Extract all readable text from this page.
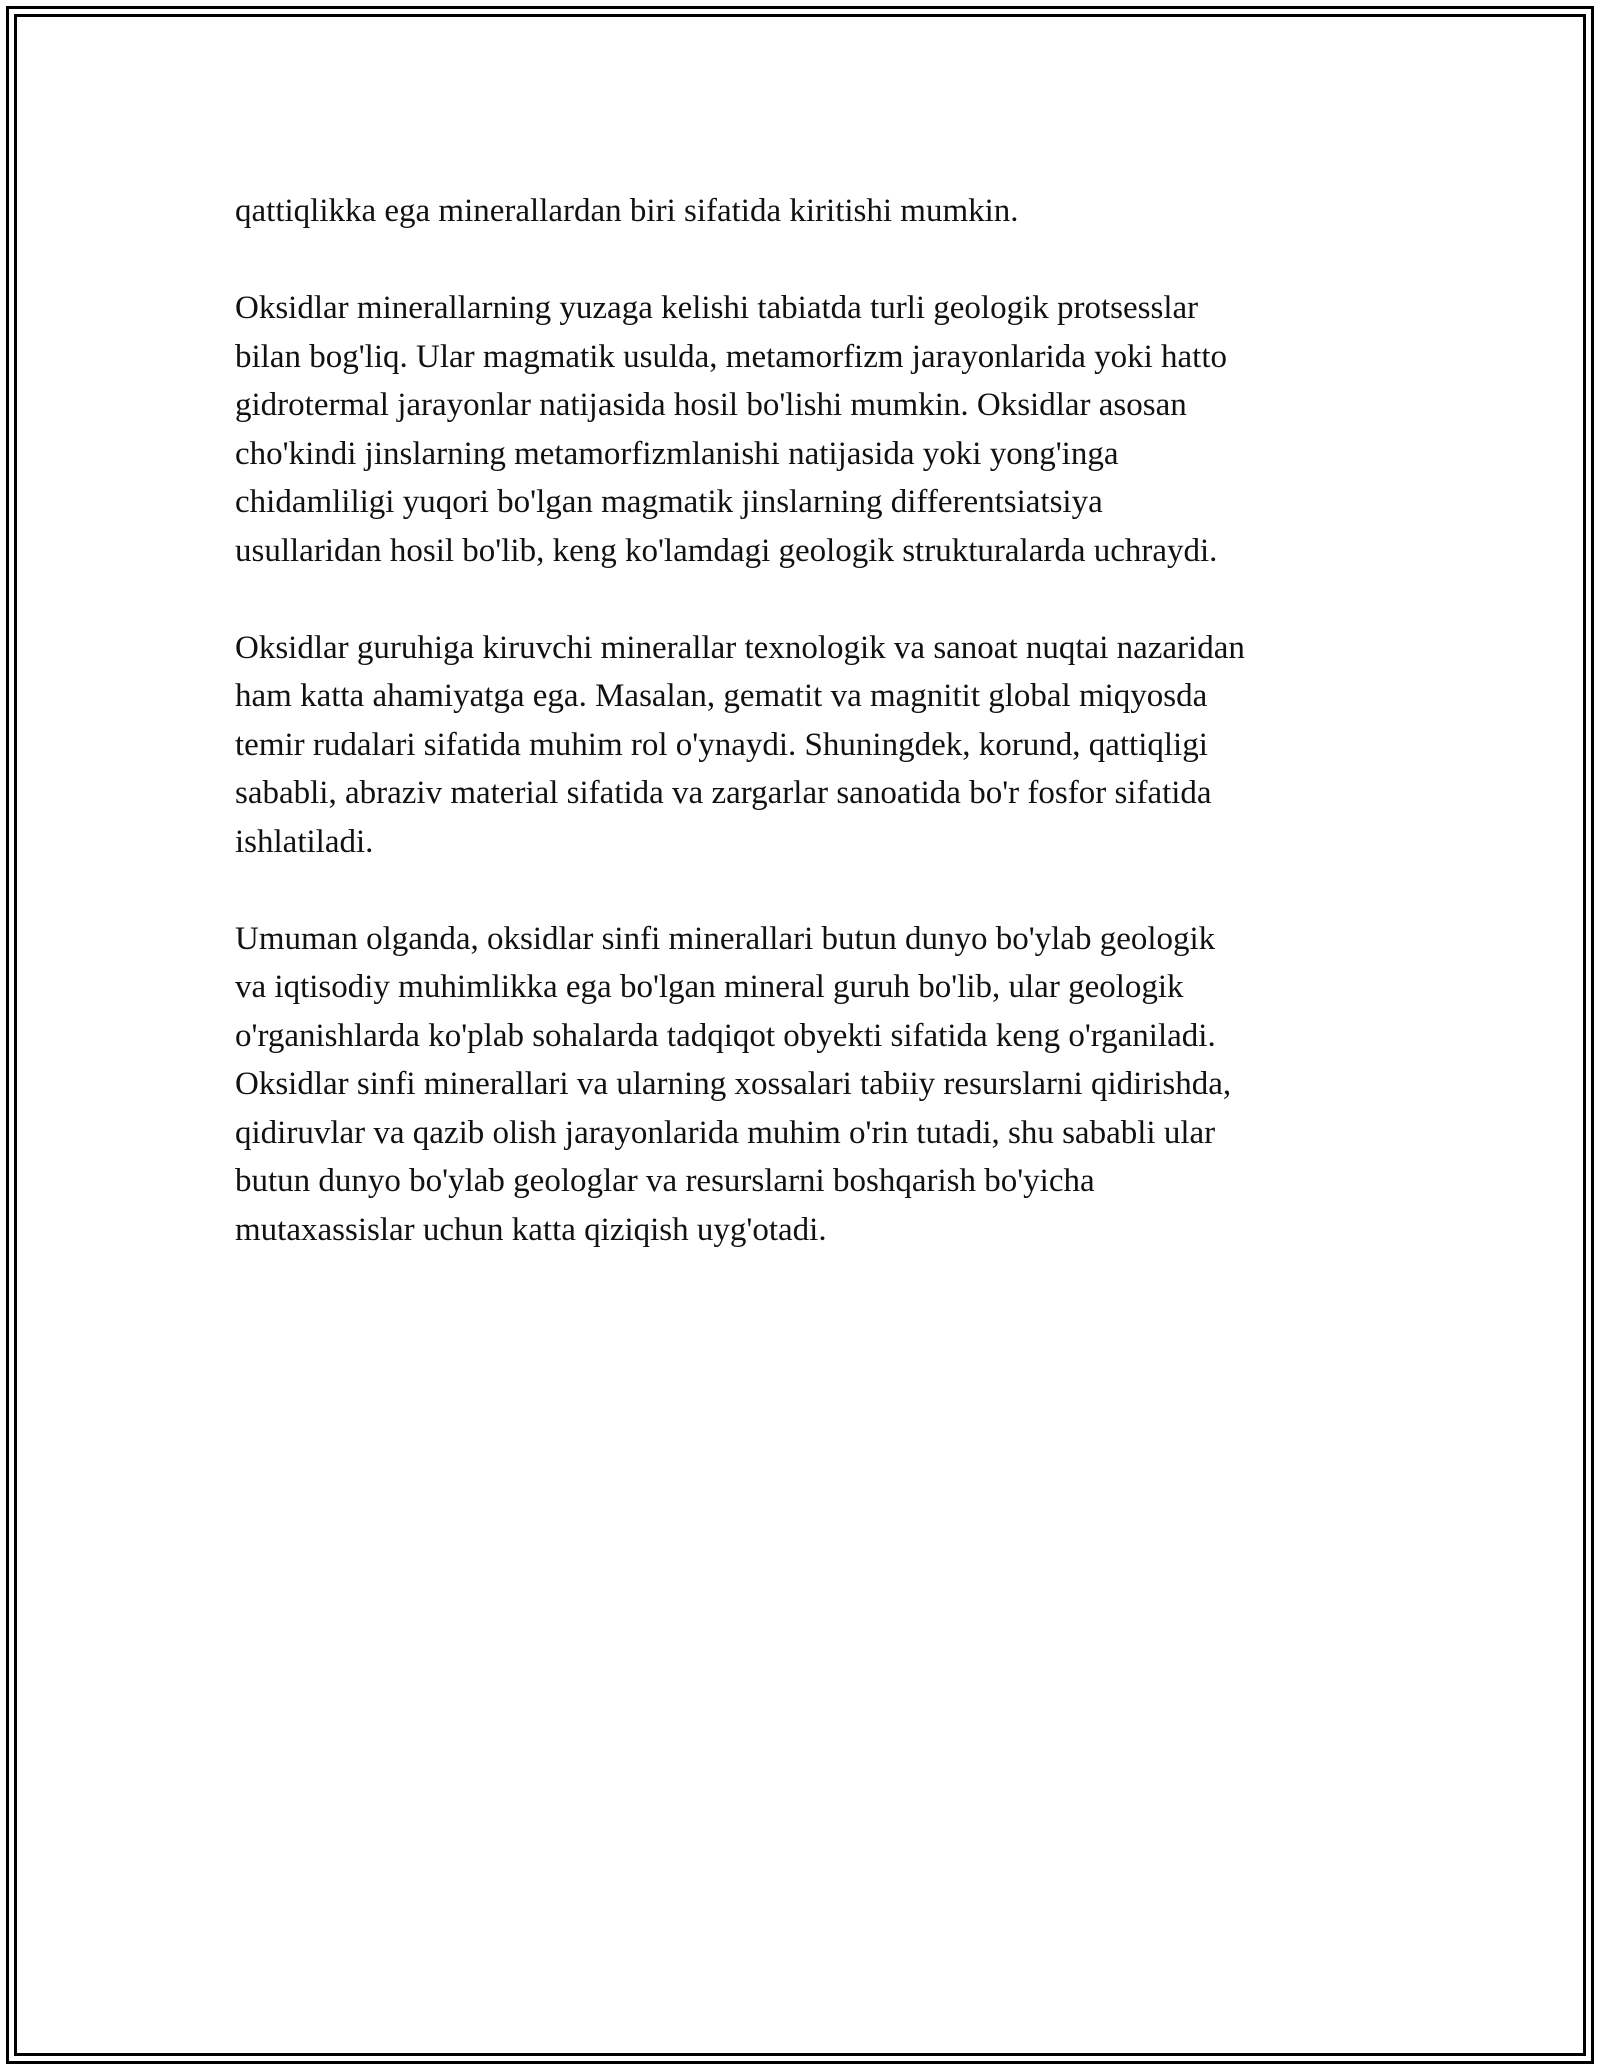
qattiqlikka ega minerallardan biri sifatida kiritishi mumkin.

Oksidlar minerallarning yuzaga kelishi tabiatda turli geologik protsesslar
bilan bog'liq. Ular magmatik usulda, metamorfizm jarayonlarida yoki hatto
gidrotermal jarayonlar natijasida hosil bo'lishi mumkin. Oksidlar asosan
cho'kindi jinslarning metamorfizmlanishi natijasida yoki yong'inga
chidamliligi yuqori bo'lgan magmatik jinslarning differentsiatsiya
usullaridan hosil bo'lib, keng ko'lamdagi geologik strukturalarda uchraydi.

Oksidlar guruhiga kiruvchi minerallar texnologik va sanoat nuqtai nazaridan
ham katta ahamiyatga ega. Masalan, gematit va magnitit global miqyosda
temir rudalari sifatida muhim rol o'ynaydi. Shuningdek, korund, qattiqligi
sababli, abraziv material sifatida va zargarlar sanoatida bo'r fosfor sifatida
ishlatiladi.

Umuman olganda, oksidlar sinfi minerallari butun dunyo bo'ylab geologik
va iqtisodiy muhimlikka ega bo'lgan mineral guruh bo'lib, ular geologik
o'rganishlarda ko'plab sohalarda tadqiqot obyekti sifatida keng o'rganiladi.
Oksidlar sinfi minerallari va ularning xossalari tabiiy resurslarni qidirishda,
qidiruvlar va qazib olish jarayonlarida muhim o'rin tutadi, shu sababli ular
butun dunyo bo'ylab geologlar va resurslarni boshqarish bo'yicha
mutaxassislar uchun katta qiziqish uyg'otadi.
